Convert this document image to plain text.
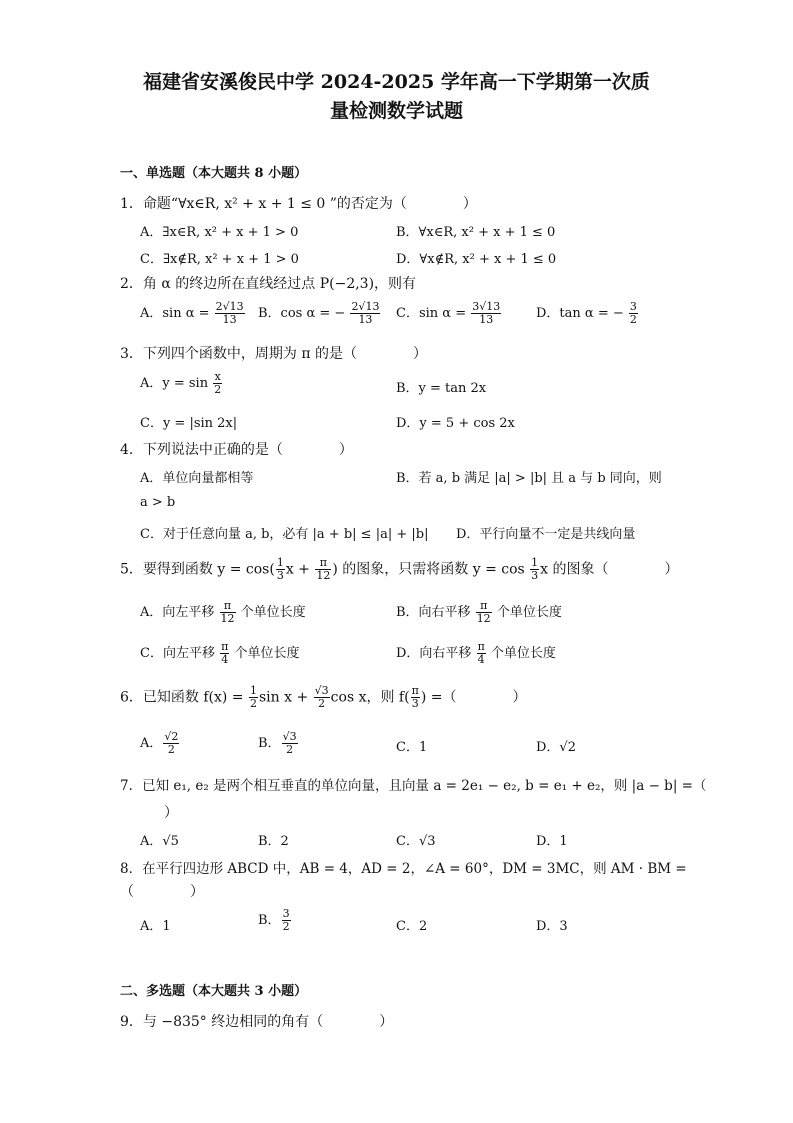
福建省安溪俊民中学 2024-2025 学年高一下学期第一次质
量检测数学试题
一、单选题（本大题共 8 小题）
1．命题“∀x∈R, x² + x + 1 ≤ 0 ”的否定为（　　　　）
A．∃x∈R, x² + x + 1 > 0	B．∀x∈R, x² + x + 1 ≤ 0
C．∃x∉R, x² + x + 1 > 0	D．∀x∉R, x² + x + 1 ≤ 0
2．角 α 的终边所在直线经过点 P(−2,3)，则有
A．$\sin \alpha = \frac{2√13}{13}$ B．cos α = − $\frac{2√13}{13}$ C．$\sin \alpha = \frac{3√13}{13}$	D．tan α = − $\frac{3}{2}$
3．下列四个函数中，周期为 π 的是（　　　　）
A．$y = \sin \frac{x}{2}$	B．y = tan 2x
C．y = |sin 2x|	D．y = 5 + cos 2x
4．下列说法中正确的是（　　　　）
A．单位向量都相等	B．若 a, b 满足 |a| > |b| 且 a 与 b 同向，则
a > b
C．对于任意向量 a, b，必有 |a + b| ≤ |a| + |b| D．平行向量不一定是共线向量
5．要得到函数 $y = \cos( \frac{1}{3}$ $x + \frac{\pi}{12}$ ) 的图象，只需将函数 $y = \cos \frac{1}{3}$ x 的图象（　　　　）
A．向左平移 $\frac{\pi}{12}$ 个单位长度	B．向右平移 $\frac{\pi}{12}$ 个单位长度
C．向左平移 $\frac{\pi}{4}$ 个单位长度	D．向右平移 $\frac{\pi}{4}$ 个单位长度
6．已知函数 $f(x) = \frac{1}{2}$ $\sin x + \frac{√3}{2}$ cos x，则 $f( \frac{\pi}{3}$ ) =（　　　　）
A． $\frac{√2}{2}$	B． $\frac{√3}{2}$	C．1	D．√2
7．已知 e₁, e₂ 是两个相互垂直的单位向量，且向量 a = 2e₁ − e₂, b = e₁ + e₂，则 |a − b| =（
）
A．√5	B．2	C．√3	D．1
8．在平行四边形 ABCD 中，AB = 4，AD = 2，∠A = 60°，DM = 3MC，则 AM · BM =
（　　　　）
A．1	B． $\frac{3}{2}$	C．2	D．3
二、多选题（本大题共 3 小题）
9．与 −835° 终边相同的角有（　　　　）
